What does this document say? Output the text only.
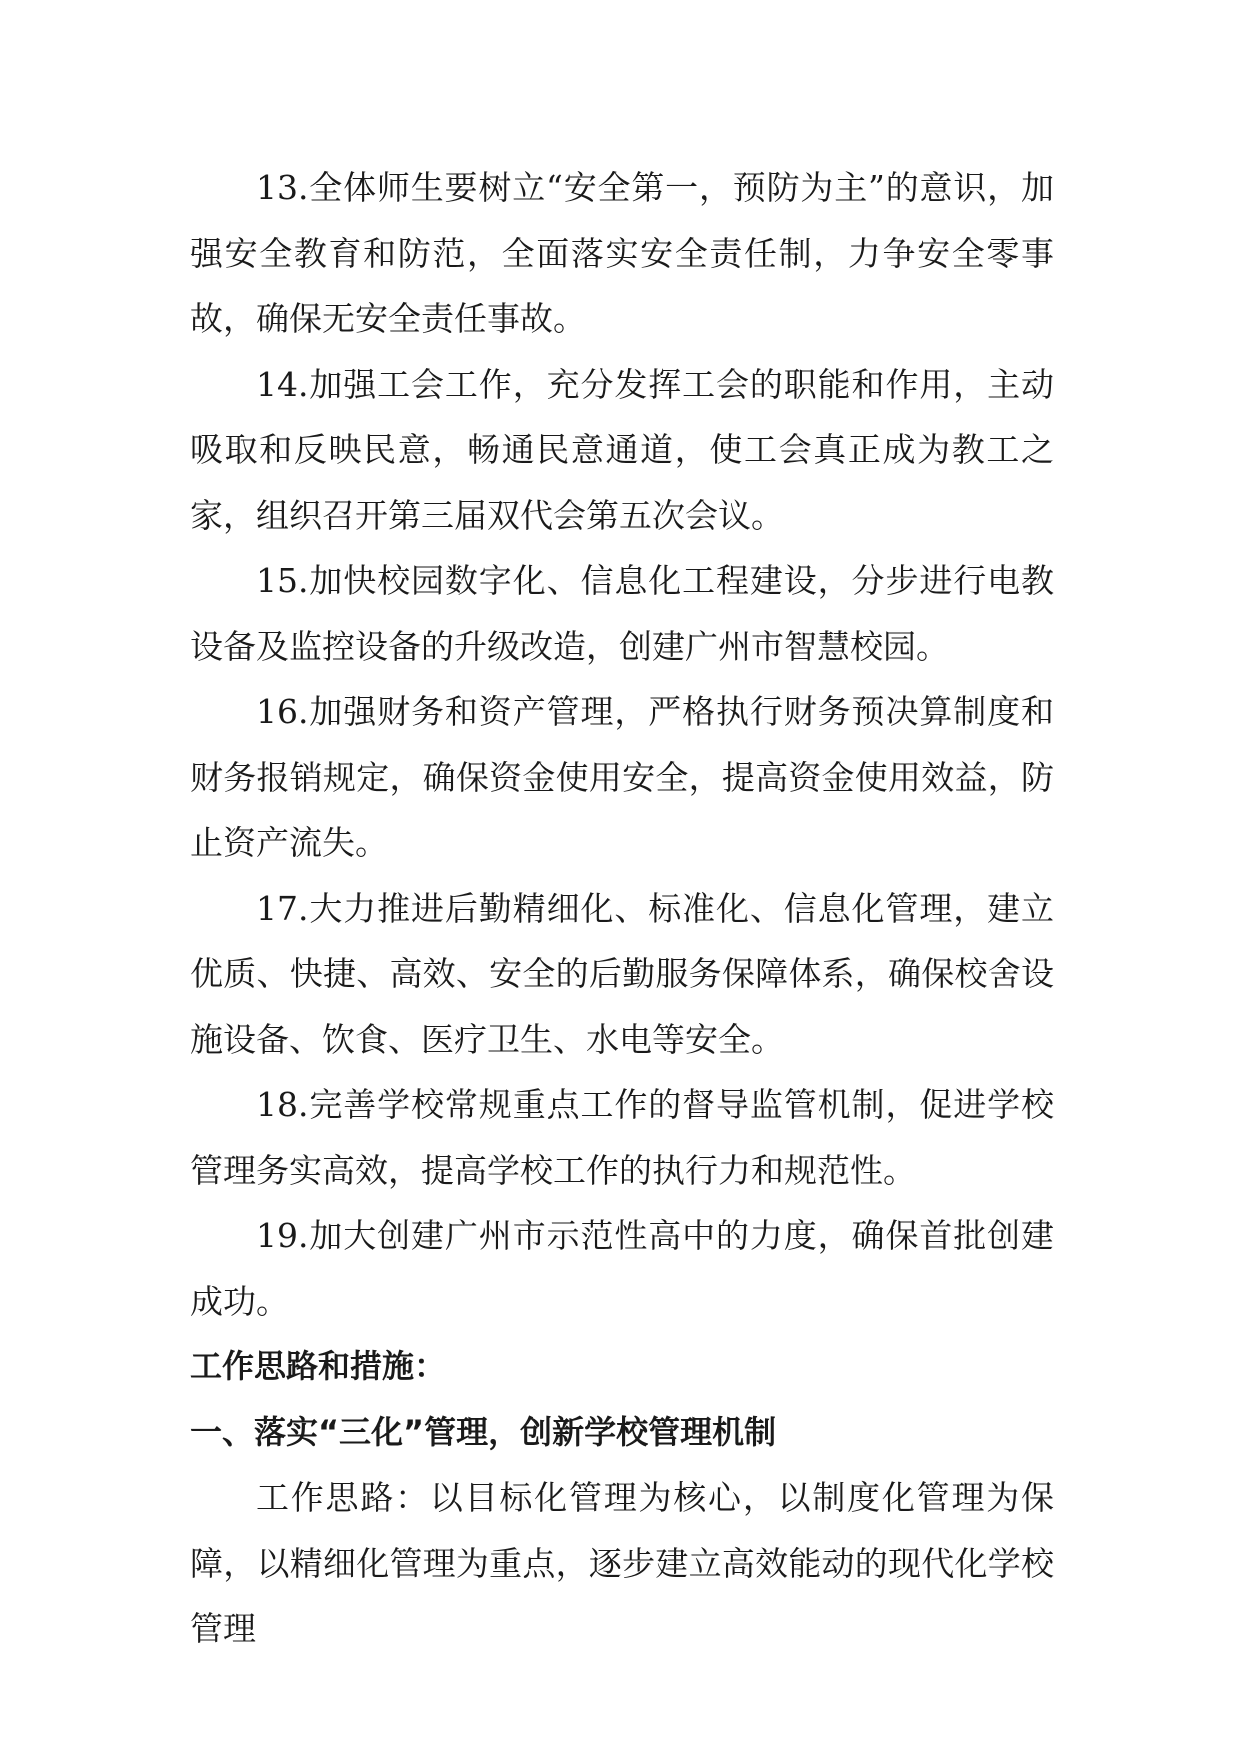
13.全体师生要树立“安全第一，预防为主”的意识，加强安全教育和防范，全面落实安全责任制，力争安全零事故，确保无安全责任事故。

14.加强工会工作，充分发挥工会的职能和作用，主动吸取和反映民意，畅通民意通道，使工会真正成为教工之家，组织召开第三届双代会第五次会议。

15.加快校园数字化、信息化工程建设，分步进行电教设备及监控设备的升级改造，创建广州市智慧校园。

16.加强财务和资产管理，严格执行财务预决算制度和财务报销规定，确保资金使用安全，提高资金使用效益，防止资产流失。

17.大力推进后勤精细化、标准化、信息化管理，建立优质、快捷、高效、安全的后勤服务保障体系，确保校舍设施设备、饮食、医疗卫生、水电等安全。

18.完善学校常规重点工作的督导监管机制，促进学校管理务实高效，提高学校工作的执行力和规范性。

19.加大创建广州市示范性高中的力度，确保首批创建成功。

工作思路和措施：

一、落实“三化”管理，创新学校管理机制

工作思路：以目标化管理为核心，以制度化管理为保障，以精细化管理为重点，逐步建立高效能动的现代化学校管理
